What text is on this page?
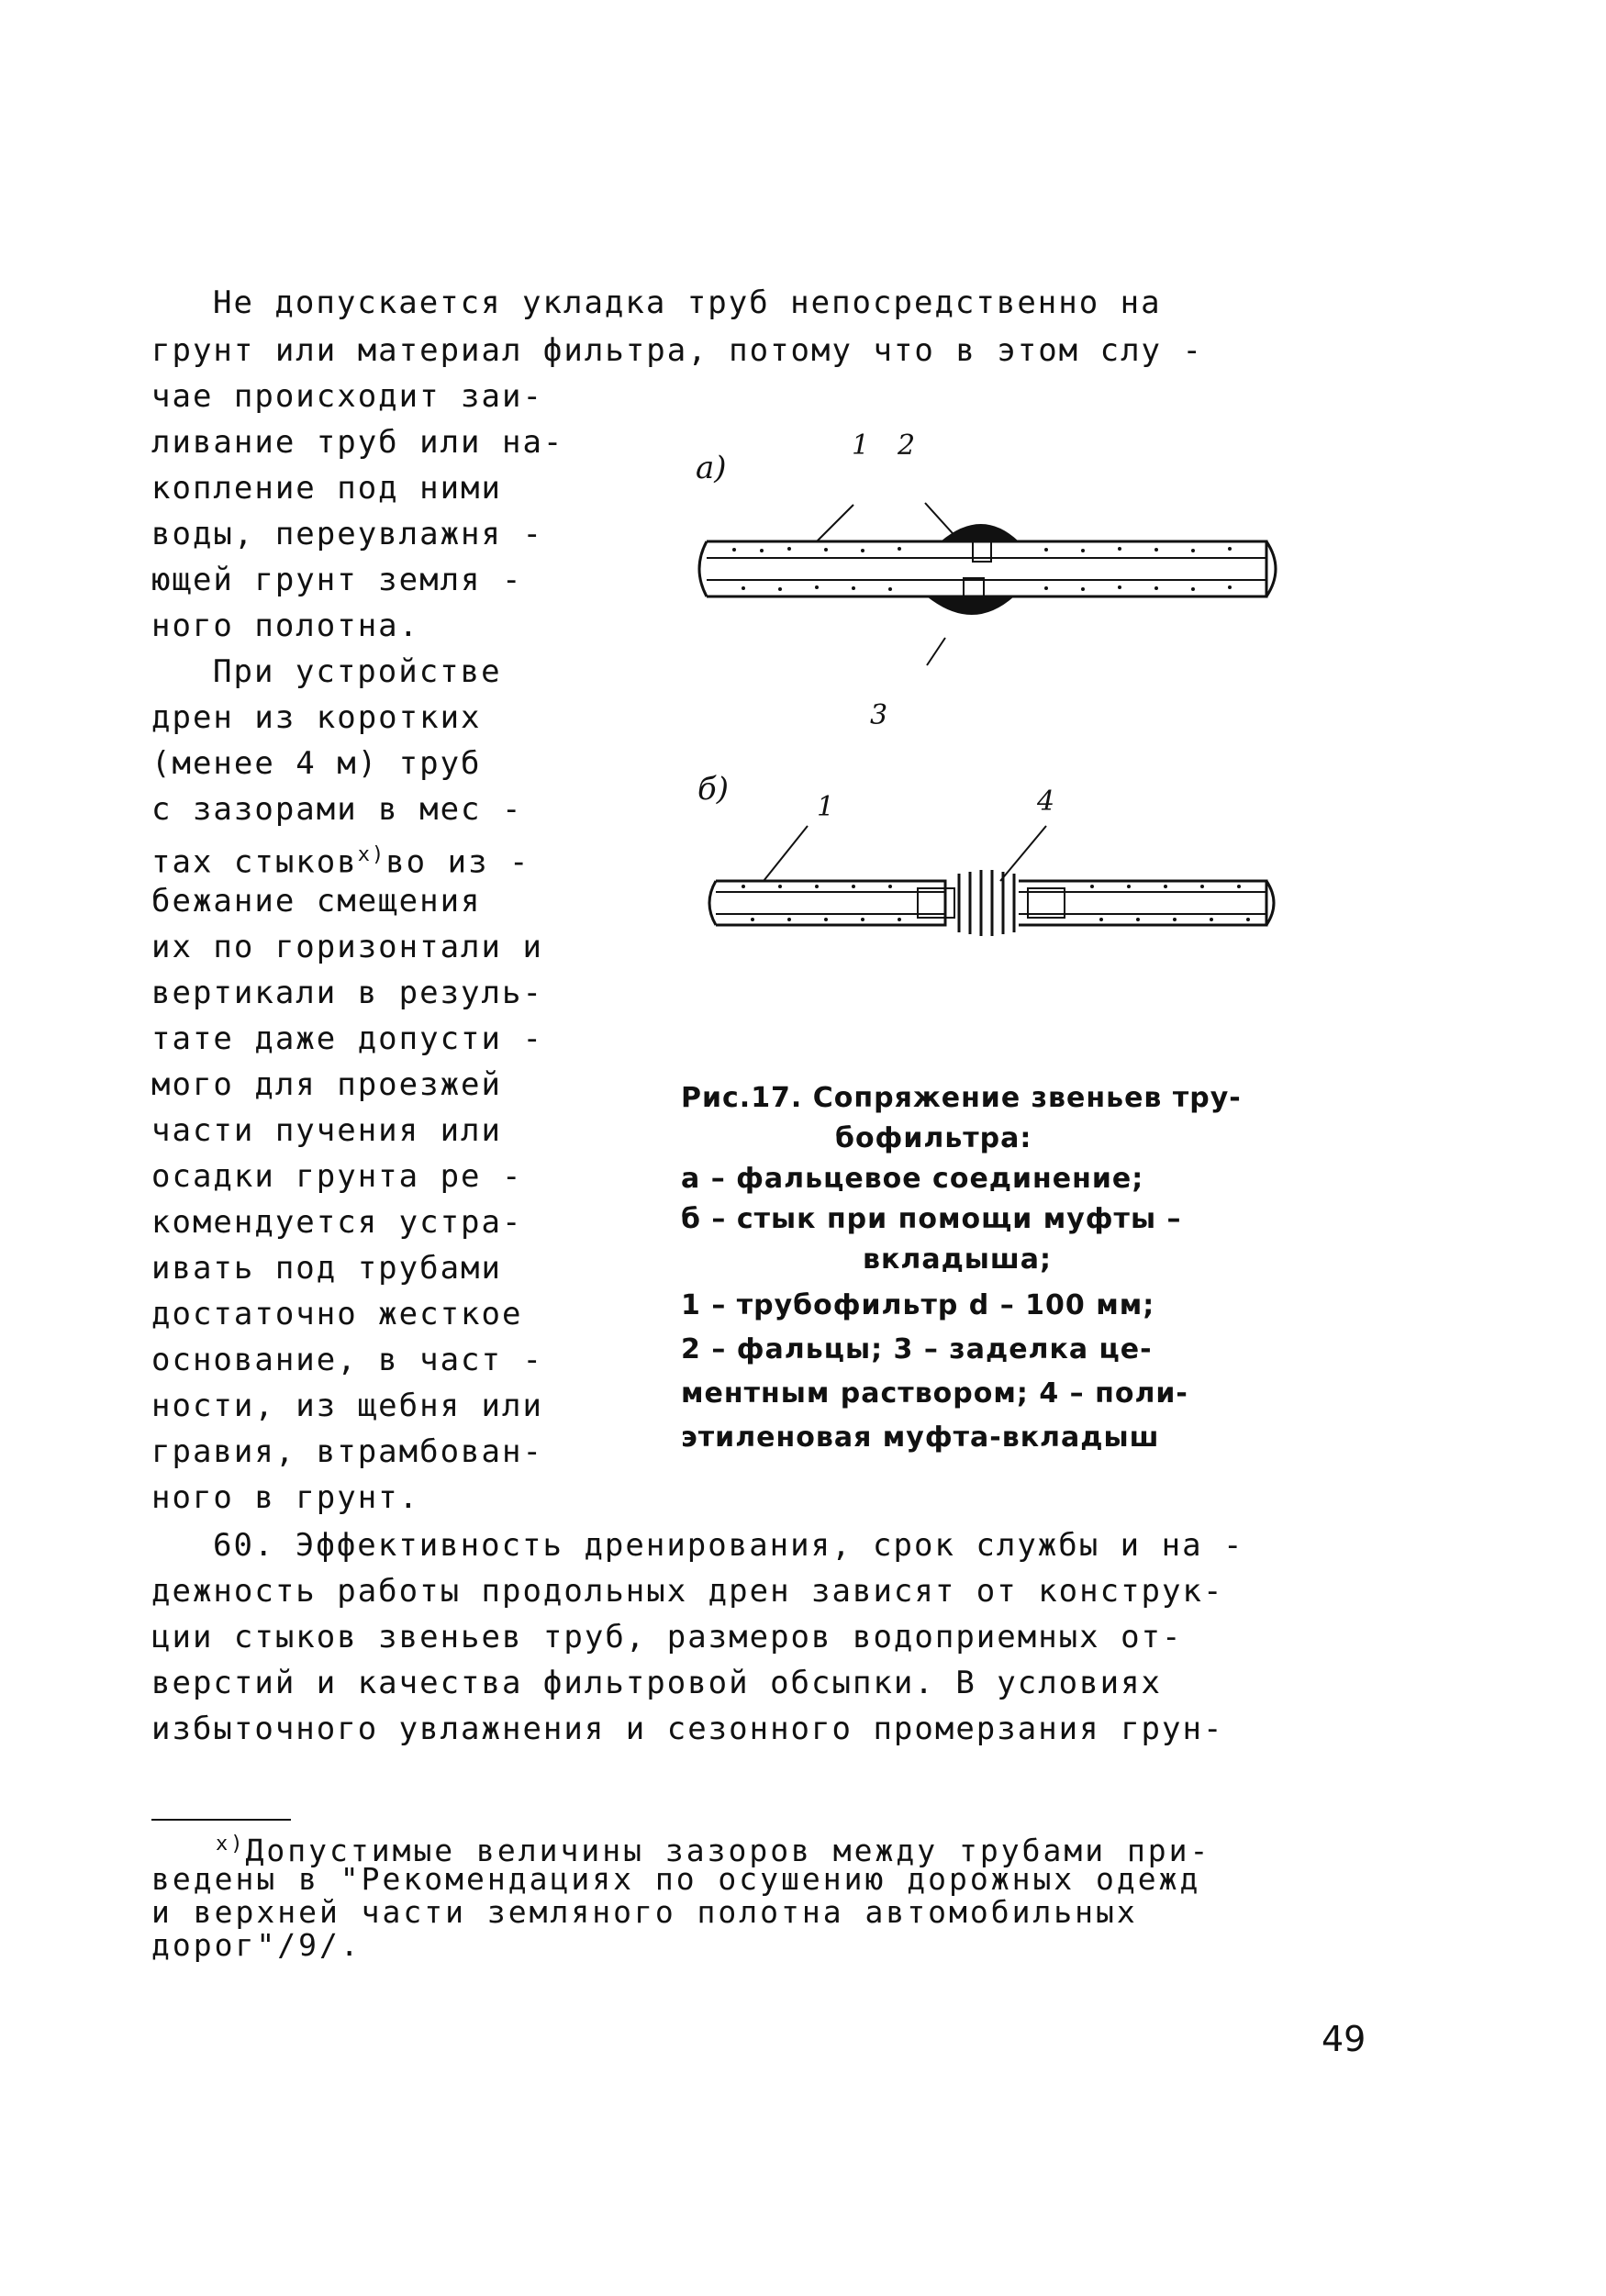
Не допускается укладка труб непосредственно на
грунт или материал фильтра, потому что в этом слу -
чае происходит заи-
ливание труб или на-
копление под ними
воды, переувлажня -
ющей грунт земля -
ного полотна.
При устройстве
дрен из коротких
(менее 4 м) труб
с зазорами в мес -
тах стыков$^{х)}$во из -
бежание смещения
их по горизонтали и
вертикали в резуль-
тате даже допусти -
мого для проезжей
части пучения или
осадки грунта ре -
комендуется устра-
ивать под трубами
достаточно жесткое
основание, в част -
ности, из щебня или
гравия, втрамбован-
ного в грунт.
а)
1 2
3
б)	1	4
Рис.17. Сопряжение звеньев тру-
бофильтра:
а – фальцевое соединение;
б – стык при помощи муфты –
вкладыша;
1 – трубофильтр d – 100 мм;
2 – фальцы; 3 – заделка це-
ментным раствором; 4 – поли-
этиленовая муфта-вкладыш
60. Эффективность дренирования, срок службы и на -
дежность работы продольных дрен зависят от конструк-
ции стыков звеньев труб, размеров водоприемных от-
верстий и качества фильтровой обсыпки. В условиях
избыточного увлажнения и сезонного промерзания грун-
$^{х)}$Допустимые величины зазоров между трубами при-
ведены в "Рекомендациях по осушению дорожных одежд
и верхней части земляного полотна автомобильных
дорог"/9/.
49
